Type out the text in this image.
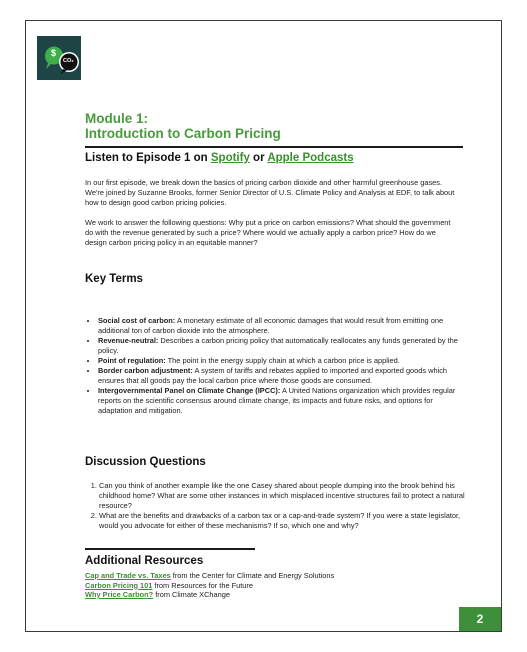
$
CO₂
Module 1:
Introduction to Carbon Pricing
Listen to Episode 1 on Spotify or Apple Podcasts
In our first episode, we break down the basics of pricing carbon dioxide and other harmful greenhouse gases. We're joined by Suzanne Brooks, former Senior Director of U.S. Climate Policy and Analysis at EDF, to talk about how to design good carbon pricing policies.
We work to answer the following questions: Why put a price on carbon emissions? What should the government do with the revenue generated by such a price? Where would we actually apply a carbon price? How do we design carbon pricing policy in an equitable manner?
Key Terms
• Social cost of carbon: A monetary estimate of all economic damages that would result from emitting one additional ton of carbon dioxide into the atmosphere.
• Revenue-neutral: Describes a carbon pricing policy that automatically reallocates any funds generated by the policy.
• Point of regulation: The point in the energy supply chain at which a carbon price is applied.
• Border carbon adjustment: A system of tariffs and rebates applied to imported and exported goods which ensures that all goods pay the local carbon price where those goods are consumed.
• Intergovernmental Panel on Climate Change (IPCC): A United Nations organization which provides regular reports on the scientific consensus around climate change, its impacts and future risks, and options for adaptation and mitigation.
Discussion Questions
1. Can you think of another example like the one Casey shared about people dumping into the brook behind his childhood home? What are some other instances in which misplaced incentive structures fail to protect a natural resource?
2. What are the benefits and drawbacks of a carbon tax or a cap-and-trade system? If you were a state legislator, would you advocate for either of these mechanisms? If so, which one and why?
Additional Resources
Cap and Trade vs. Taxes from the Center for Climate and Energy Solutions
Carbon Pricing 101 from Resources for the Future
Why Price Carbon? from Climate XChange
2
